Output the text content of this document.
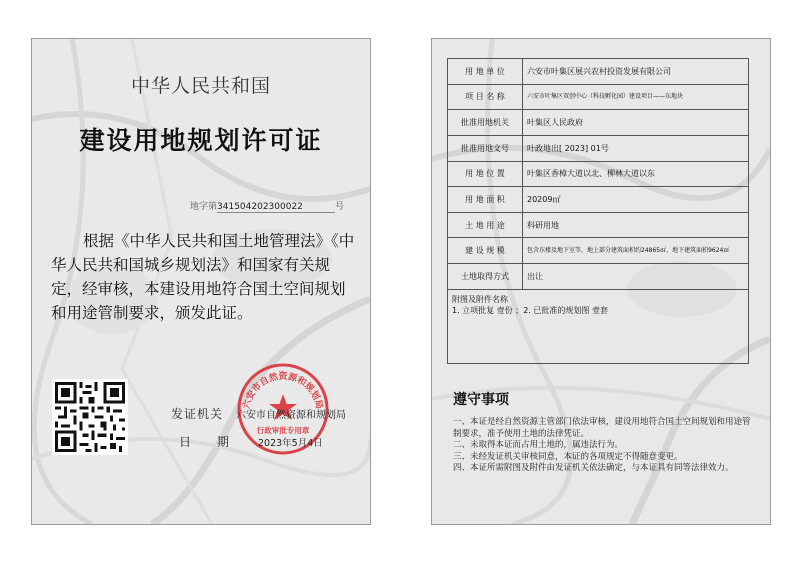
中华人民共和国
建设用地规划许可证
地字第341504202300022	号
根据《中华人民共和国土地管理法》《中华人民共和国城乡规划法》和国家有关规定，经审核，本建设用地符合国土空间规划和用途管制要求，颁发此证。
六安市自然资源和规划局
行政审批专用章
发证机关 六安市自然资源和规划局
日期 2023年5月4日
用 地 单 位	六安市叶集区展兴农村投资发展有限公司
项 目 名 称	六安市叶集区双创中心（科技孵化园）建设项目——东地块
批准用地机关	叶集区人民政府
批准用地文号	叶政地出[ 2023] 01号
用 地 位 置	叶集区香樟大道以北、柳林大道以东
用 地 面 积	20209㎡
土 地 用 途	科研用地
建 设 规 模	包含东楼及地下室等，地上部分建筑面积约24865㎡，地下建筑面积9624㎡
土地取得方式	出让

附图及附件名称
1. 立项批复 壹份 ；2. 已批准的规划图 壹套	
遵守事项
一、本证是经自然资源主管部门依法审核，建设用地符合国土空间规划和用途管制要求，准予使用土地的法律凭证。
二、未取得本证而占用土地的，属违法行为。
三、未经发证机关审核同意，本证的各项规定不得随意变更。
四、本证所需附图及附件由发证机关依法确定，与本证具有同等法律效力。
